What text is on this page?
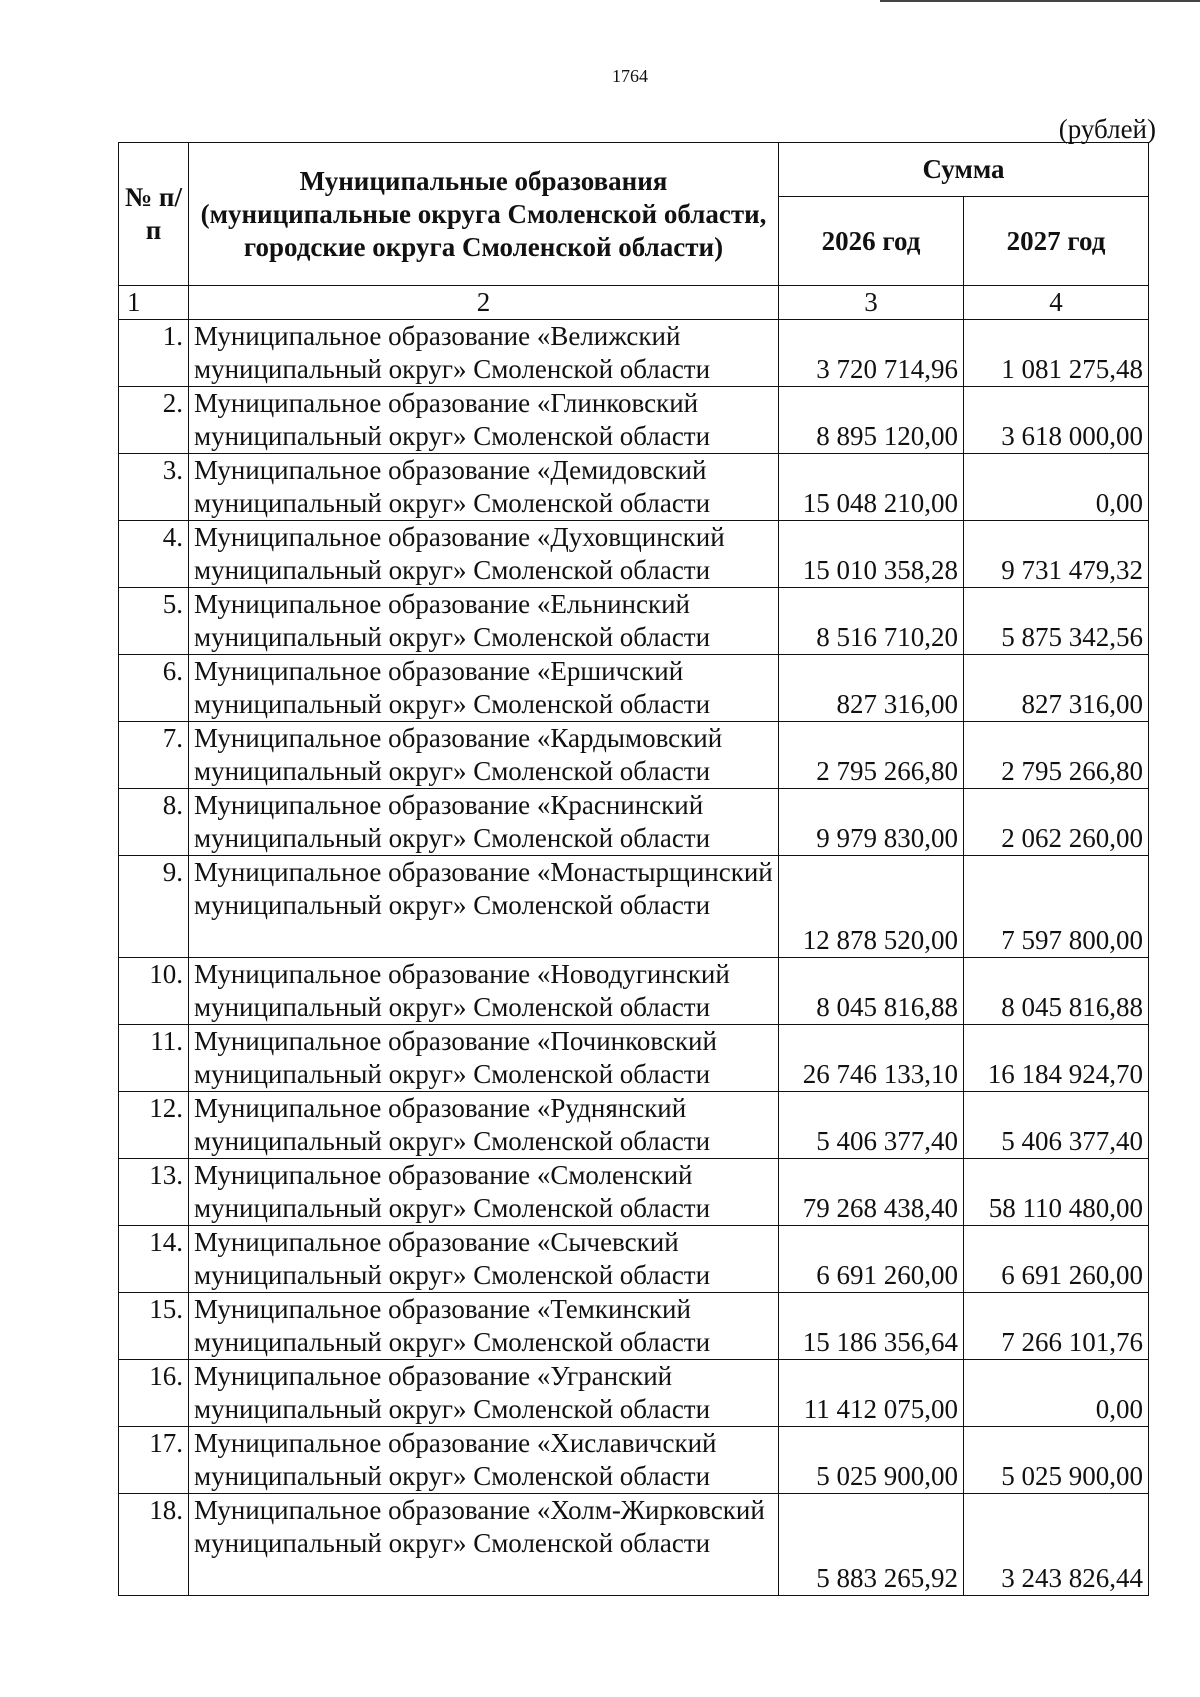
1764
(рублей)
№ п/п	Муниципальные образования (муниципальные округа Смоленской области, городские округа Смоленской области)	Сумма	
		2026 год	2027 год
1	2	3	4
1.	Муниципальное образование «Велижский муниципальный округ» Смоленской области	3 720 714,96	1 081 275,48
2.	Муниципальное образование «Глинковский муниципальный округ» Смоленской области	8 895 120,00	3 618 000,00
3.	Муниципальное образование «Демидовский муниципальный округ» Смоленской области	15 048 210,00	0,00
4.	Муниципальное образование «Духовщинский муниципальный округ» Смоленской области	15 010 358,28	9 731 479,32
5.	Муниципальное образование «Ельнинский муниципальный округ» Смоленской области	8 516 710,20	5 875 342,56
6.	Муниципальное образование «Ершичский муниципальный округ» Смоленской области	827 316,00	827 316,00
7.	Муниципальное образование «Кардымовский муниципальный округ» Смоленской области	2 795 266,80	2 795 266,80
8.	Муниципальное образование «Краснинский муниципальный округ» Смоленской области	9 979 830,00	2 062 260,00
9.	Муниципальное образование «Монастырщинский муниципальный округ» Смоленской области	12 878 520,00	7 597 800,00
10.	Муниципальное образование «Новодугинский муниципальный округ» Смоленской области	8 045 816,88	8 045 816,88
11.	Муниципальное образование «Починковский муниципальный округ» Смоленской области	26 746 133,10	16 184 924,70
12.	Муниципальное образование «Руднянский муниципальный округ» Смоленской области	5 406 377,40	5 406 377,40
13.	Муниципальное образование «Смоленский муниципальный округ» Смоленской области	79 268 438,40	58 110 480,00
14.	Муниципальное образование «Сычевский муниципальный округ» Смоленской области	6 691 260,00	6 691 260,00
15.	Муниципальное образование «Темкинский муниципальный округ» Смоленской области	15 186 356,64	7 266 101,76
16.	Муниципальное образование «Угранский муниципальный округ» Смоленской области	11 412 075,00	0,00
17.	Муниципальное образование «Хиславичский муниципальный округ» Смоленской области	5 025 900,00	5 025 900,00
18.	Муниципальное образование «Холм-Жирковский муниципальный округ» Смоленской области	5 883 265,92	3 243 826,44
